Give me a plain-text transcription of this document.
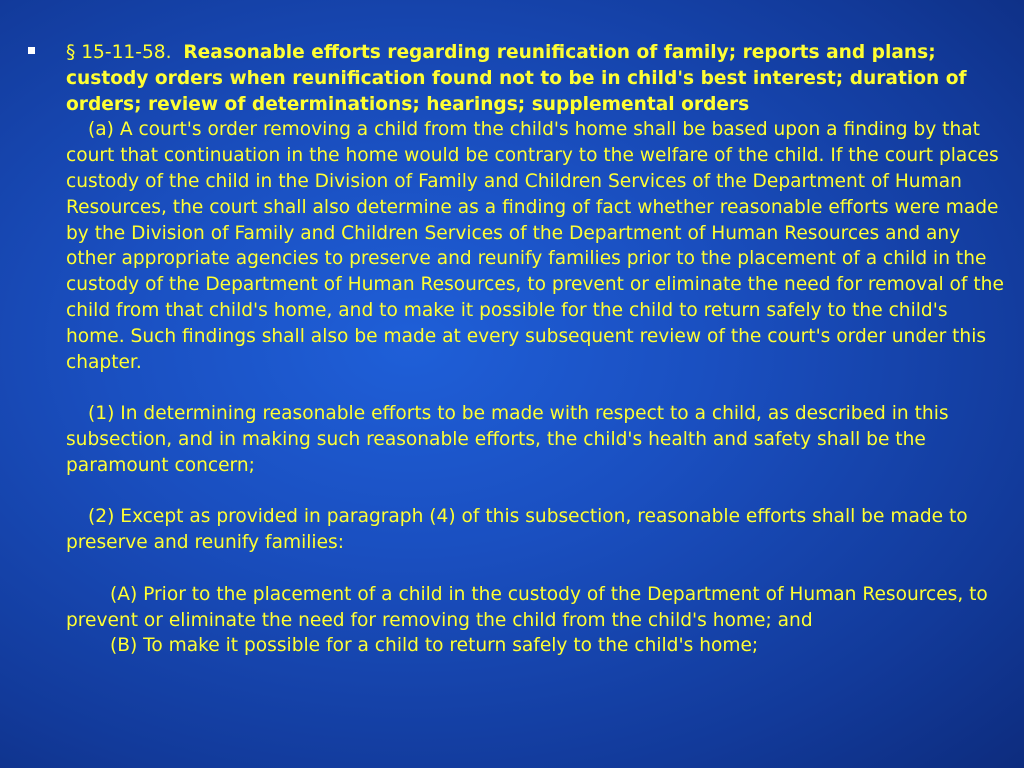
§ 15-11-58. Reasonable efforts regarding reunification of family; reports and plans; custody orders when reunification found not to be in child's best interest; duration of orders; review of determinations; hearings; supplemental orders

(a) A court's order removing a child from the child's home shall be based upon a finding by that court that continuation in the home would be contrary to the welfare of the child. If the court places custody of the child in the Division of Family and Children Services of the Department of Human Resources, the court shall also determine as a finding of fact whether reasonable efforts were made by the Division of Family and Children Services of the Department of Human Resources and any other appropriate agencies to preserve and reunify families prior to the placement of a child in the custody of the Department of Human Resources, to prevent or eliminate the need for removal of the child from that child's home, and to make it possible for the child to return safely to the child's home. Such findings shall also be made at every subsequent review of the court's order under this chapter.

(1) In determining reasonable efforts to be made with respect to a child, as described in this subsection, and in making such reasonable efforts, the child's health and safety shall be the paramount concern;

(2) Except as provided in paragraph (4) of this subsection, reasonable efforts shall be made to preserve and reunify families:

(A) Prior to the placement of a child in the custody of the Department of Human Resources, to prevent or eliminate the need for removing the child from the child's home; and

(B) To make it possible for a child to return safely to the child's home;
